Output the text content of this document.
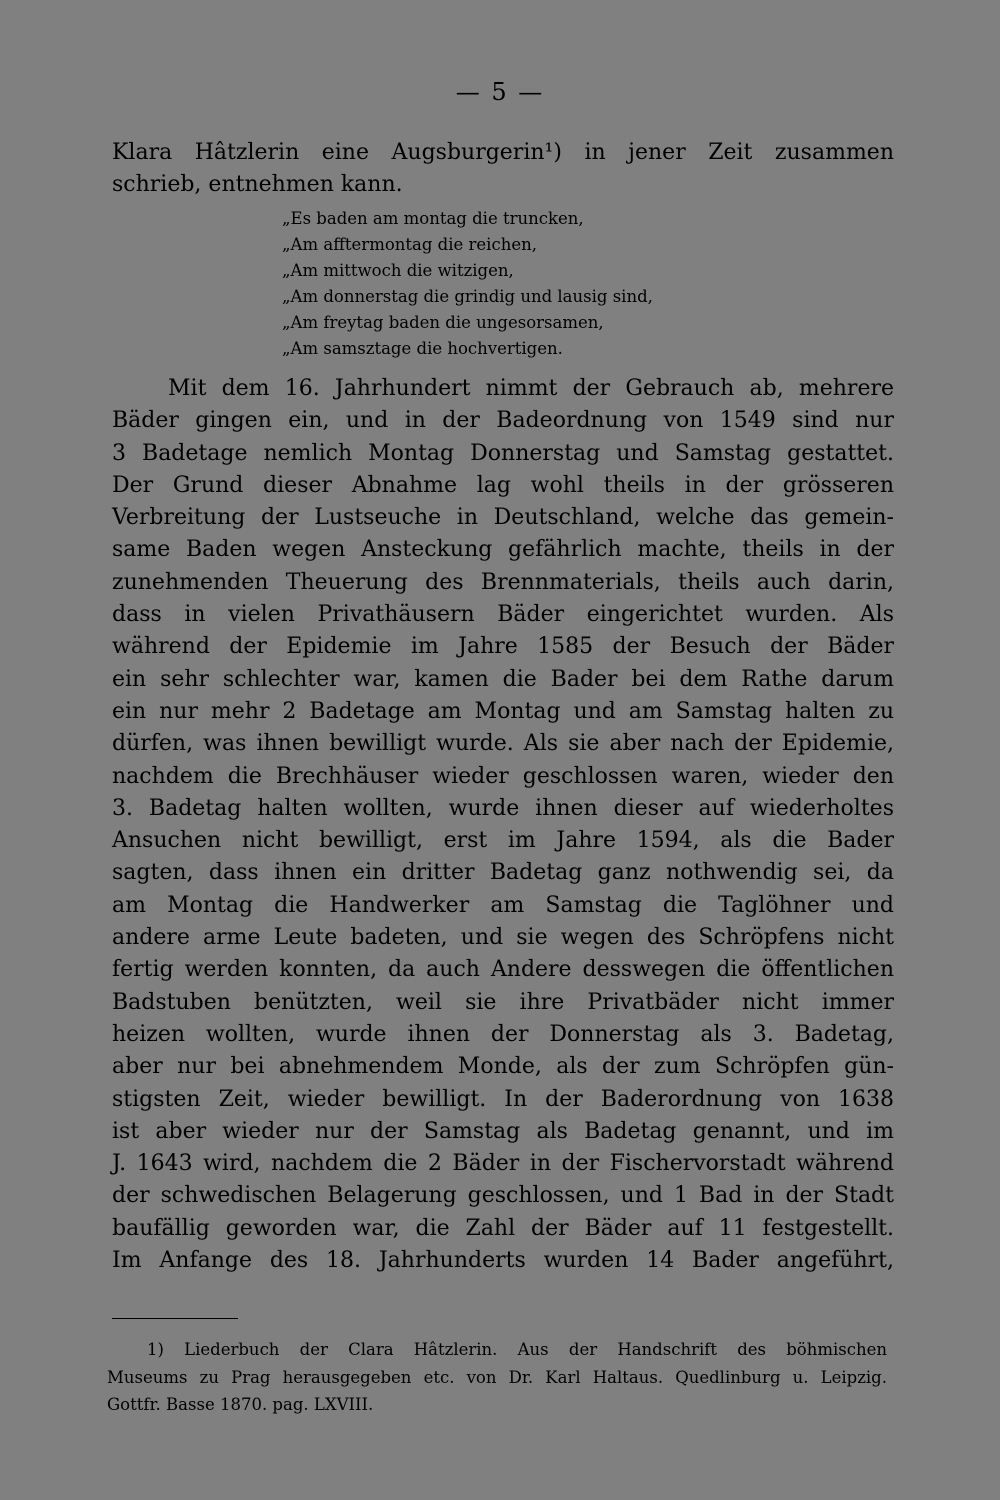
— 5 —
Klara Hâtzlerin eine Augsburgerin¹) in jener Zeit zusammen
schrieb, entnehmen kann.
„Es baden am montag die truncken,
„Am afftermontag die reichen,
„Am mittwoch die witzigen,
„Am donnerstag die grindig und lausig sind,
„Am freytag baden die ungesorsamen,
„Am samsztage die hochvertigen.
Mit dem 16. Jahrhundert nimmt der Gebrauch ab, mehrere
Bäder gingen ein, und in der Badeordnung von 1549 sind nur
3 Badetage nemlich Montag Donnerstag und Samstag gestattet.
Der Grund dieser Abnahme lag wohl theils in der grösseren
Verbreitung der Lustseuche in Deutschland, welche das gemein-
same Baden wegen Ansteckung gefährlich machte, theils in der
zunehmenden Theuerung des Brennmaterials, theils auch darin,
dass in vielen Privathäusern Bäder eingerichtet wurden. Als
während der Epidemie im Jahre 1585 der Besuch der Bäder
ein sehr schlechter war, kamen die Bader bei dem Rathe darum
ein nur mehr 2 Badetage am Montag und am Samstag halten zu
dürfen, was ihnen bewilligt wurde. Als sie aber nach der Epidemie,
nachdem die Brechhäuser wieder geschlossen waren, wieder den
3. Badetag halten wollten, wurde ihnen dieser auf wiederholtes
Ansuchen nicht bewilligt, erst im Jahre 1594, als die Bader
sagten, dass ihnen ein dritter Badetag ganz nothwendig sei, da
am Montag die Handwerker am Samstag die Taglöhner und
andere arme Leute badeten, und sie wegen des Schröpfens nicht
fertig werden konnten, da auch Andere desswegen die öffentlichen
Badstuben benützten, weil sie ihre Privatbäder nicht immer
heizen wollten, wurde ihnen der Donnerstag als 3. Badetag,
aber nur bei abnehmendem Monde, als der zum Schröpfen gün-
stigsten Zeit, wieder bewilligt. In der Baderordnung von 1638
ist aber wieder nur der Samstag als Badetag genannt, und im
J. 1643 wird, nachdem die 2 Bäder in der Fischervorstadt während
der schwedischen Belagerung geschlossen, und 1 Bad in der Stadt
baufällig geworden war, die Zahl der Bäder auf 11 festgestellt.
Im Anfange des 18. Jahrhunderts wurden 14 Bader angeführt,
1) Liederbuch der Clara Hâtzlerin. Aus der Handschrift des böhmischen
Museums zu Prag herausgegeben etc. von Dr. Karl Haltaus. Quedlinburg u. Leipzig.
Gottfr. Basse 1870. pag. LXVIII.
